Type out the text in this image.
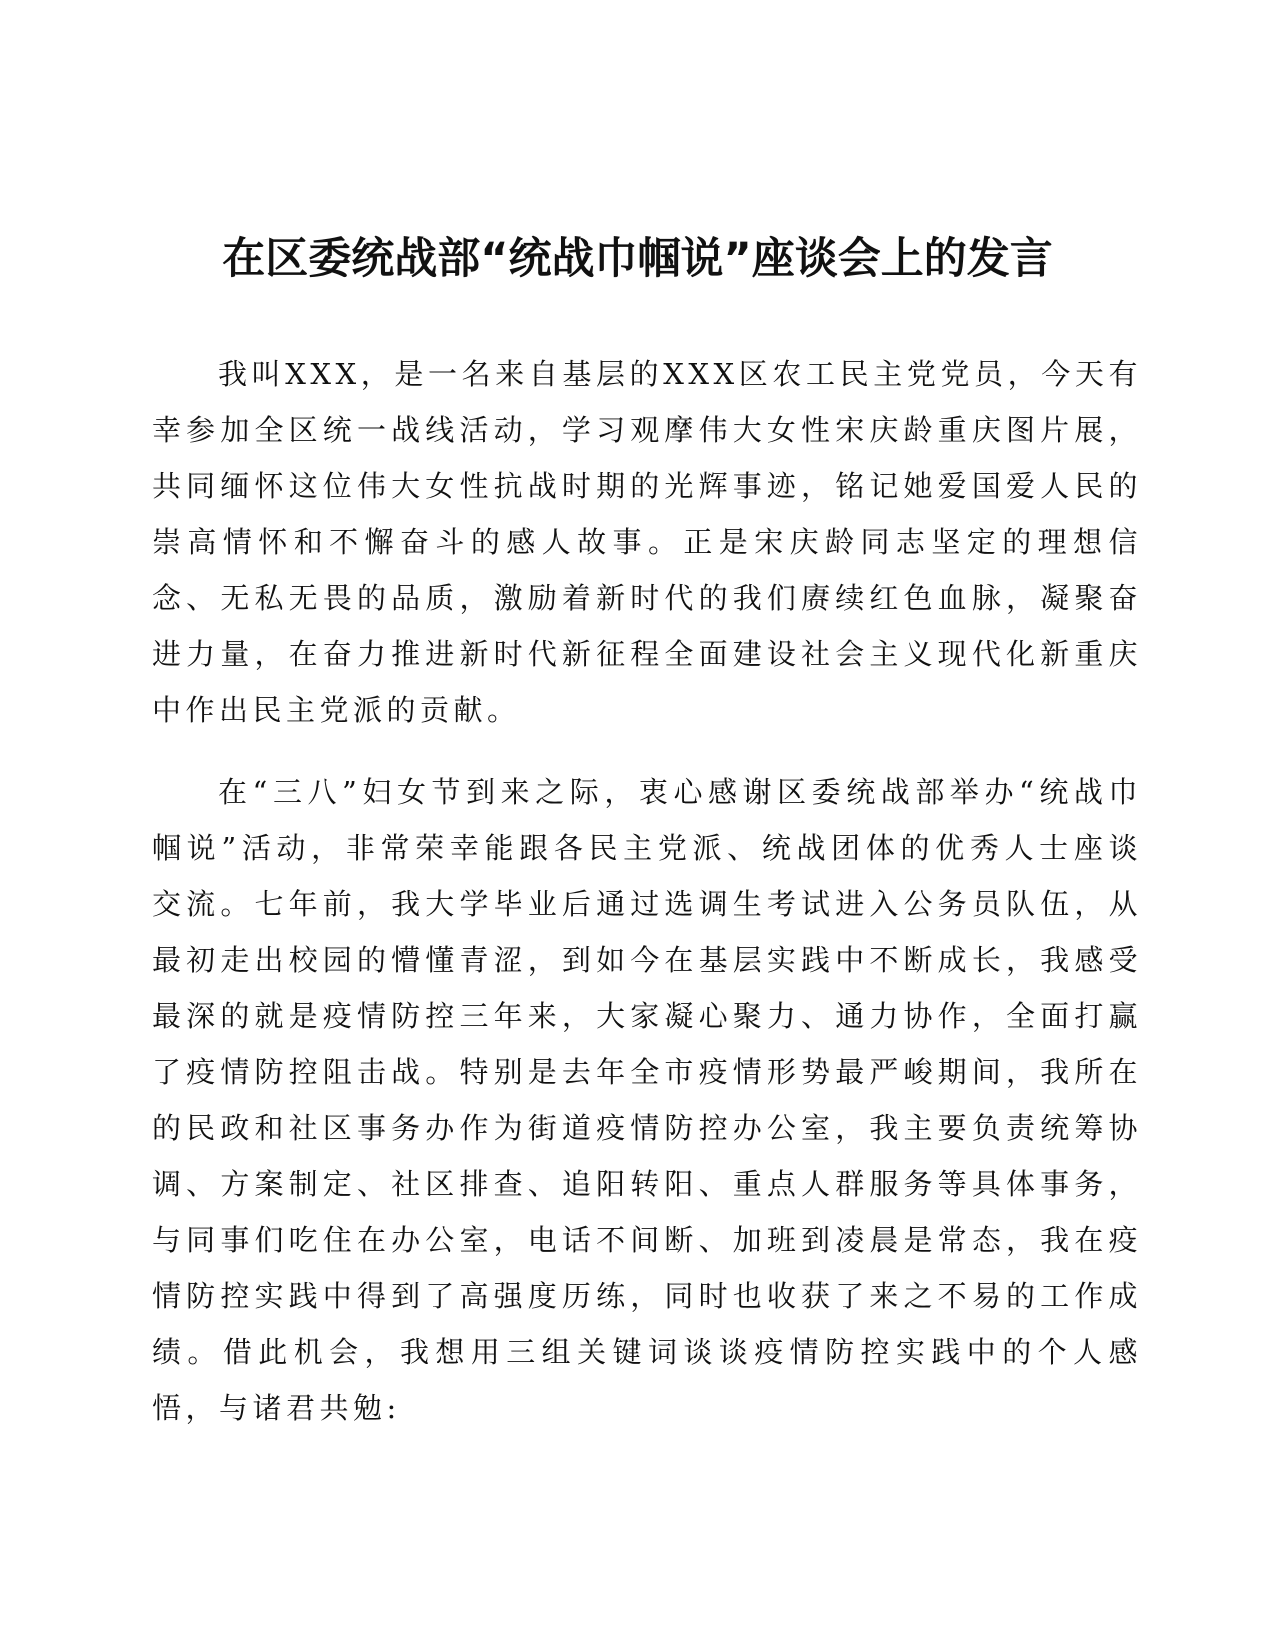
在区委统战部“统战巾帼说”座谈会上的发言

我叫XXX，是一名来自基层的XXX区农工民主党党员，今天有幸参加全区统一战线活动，学习观摩伟大女性宋庆龄重庆图片展，共同缅怀这位伟大女性抗战时期的光辉事迹，铭记她爱国爱人民的崇高情怀和不懈奋斗的感人故事。正是宋庆龄同志坚定的理想信念、无私无畏的品质，激励着新时代的我们赓续红色血脉，凝聚奋进力量，在奋力推进新时代新征程全面建设社会主义现代化新重庆中作出民主党派的贡献。

在“三八”妇女节到来之际，衷心感谢区委统战部举办“统战巾帼说”活动，非常荣幸能跟各民主党派、统战团体的优秀人士座谈交流。七年前，我大学毕业后通过选调生考试进入公务员队伍，从最初走出校园的懵懂青涩，到如今在基层实践中不断成长，我感受最深的就是疫情防控三年来，大家凝心聚力、通力协作，全面打赢了疫情防控阻击战。特别是去年全市疫情形势最严峻期间，我所在的民政和社区事务办作为街道疫情防控办公室，我主要负责统筹协调、方案制定、社区排查、追阳转阳、重点人群服务等具体事务，与同事们吃住在办公室，电话不间断、加班到凌晨是常态，我在疫情防控实践中得到了高强度历练，同时也收获了来之不易的工作成绩。借此机会，我想用三组关键词谈谈疫情防控实践中的个人感悟，与诸君共勉:
